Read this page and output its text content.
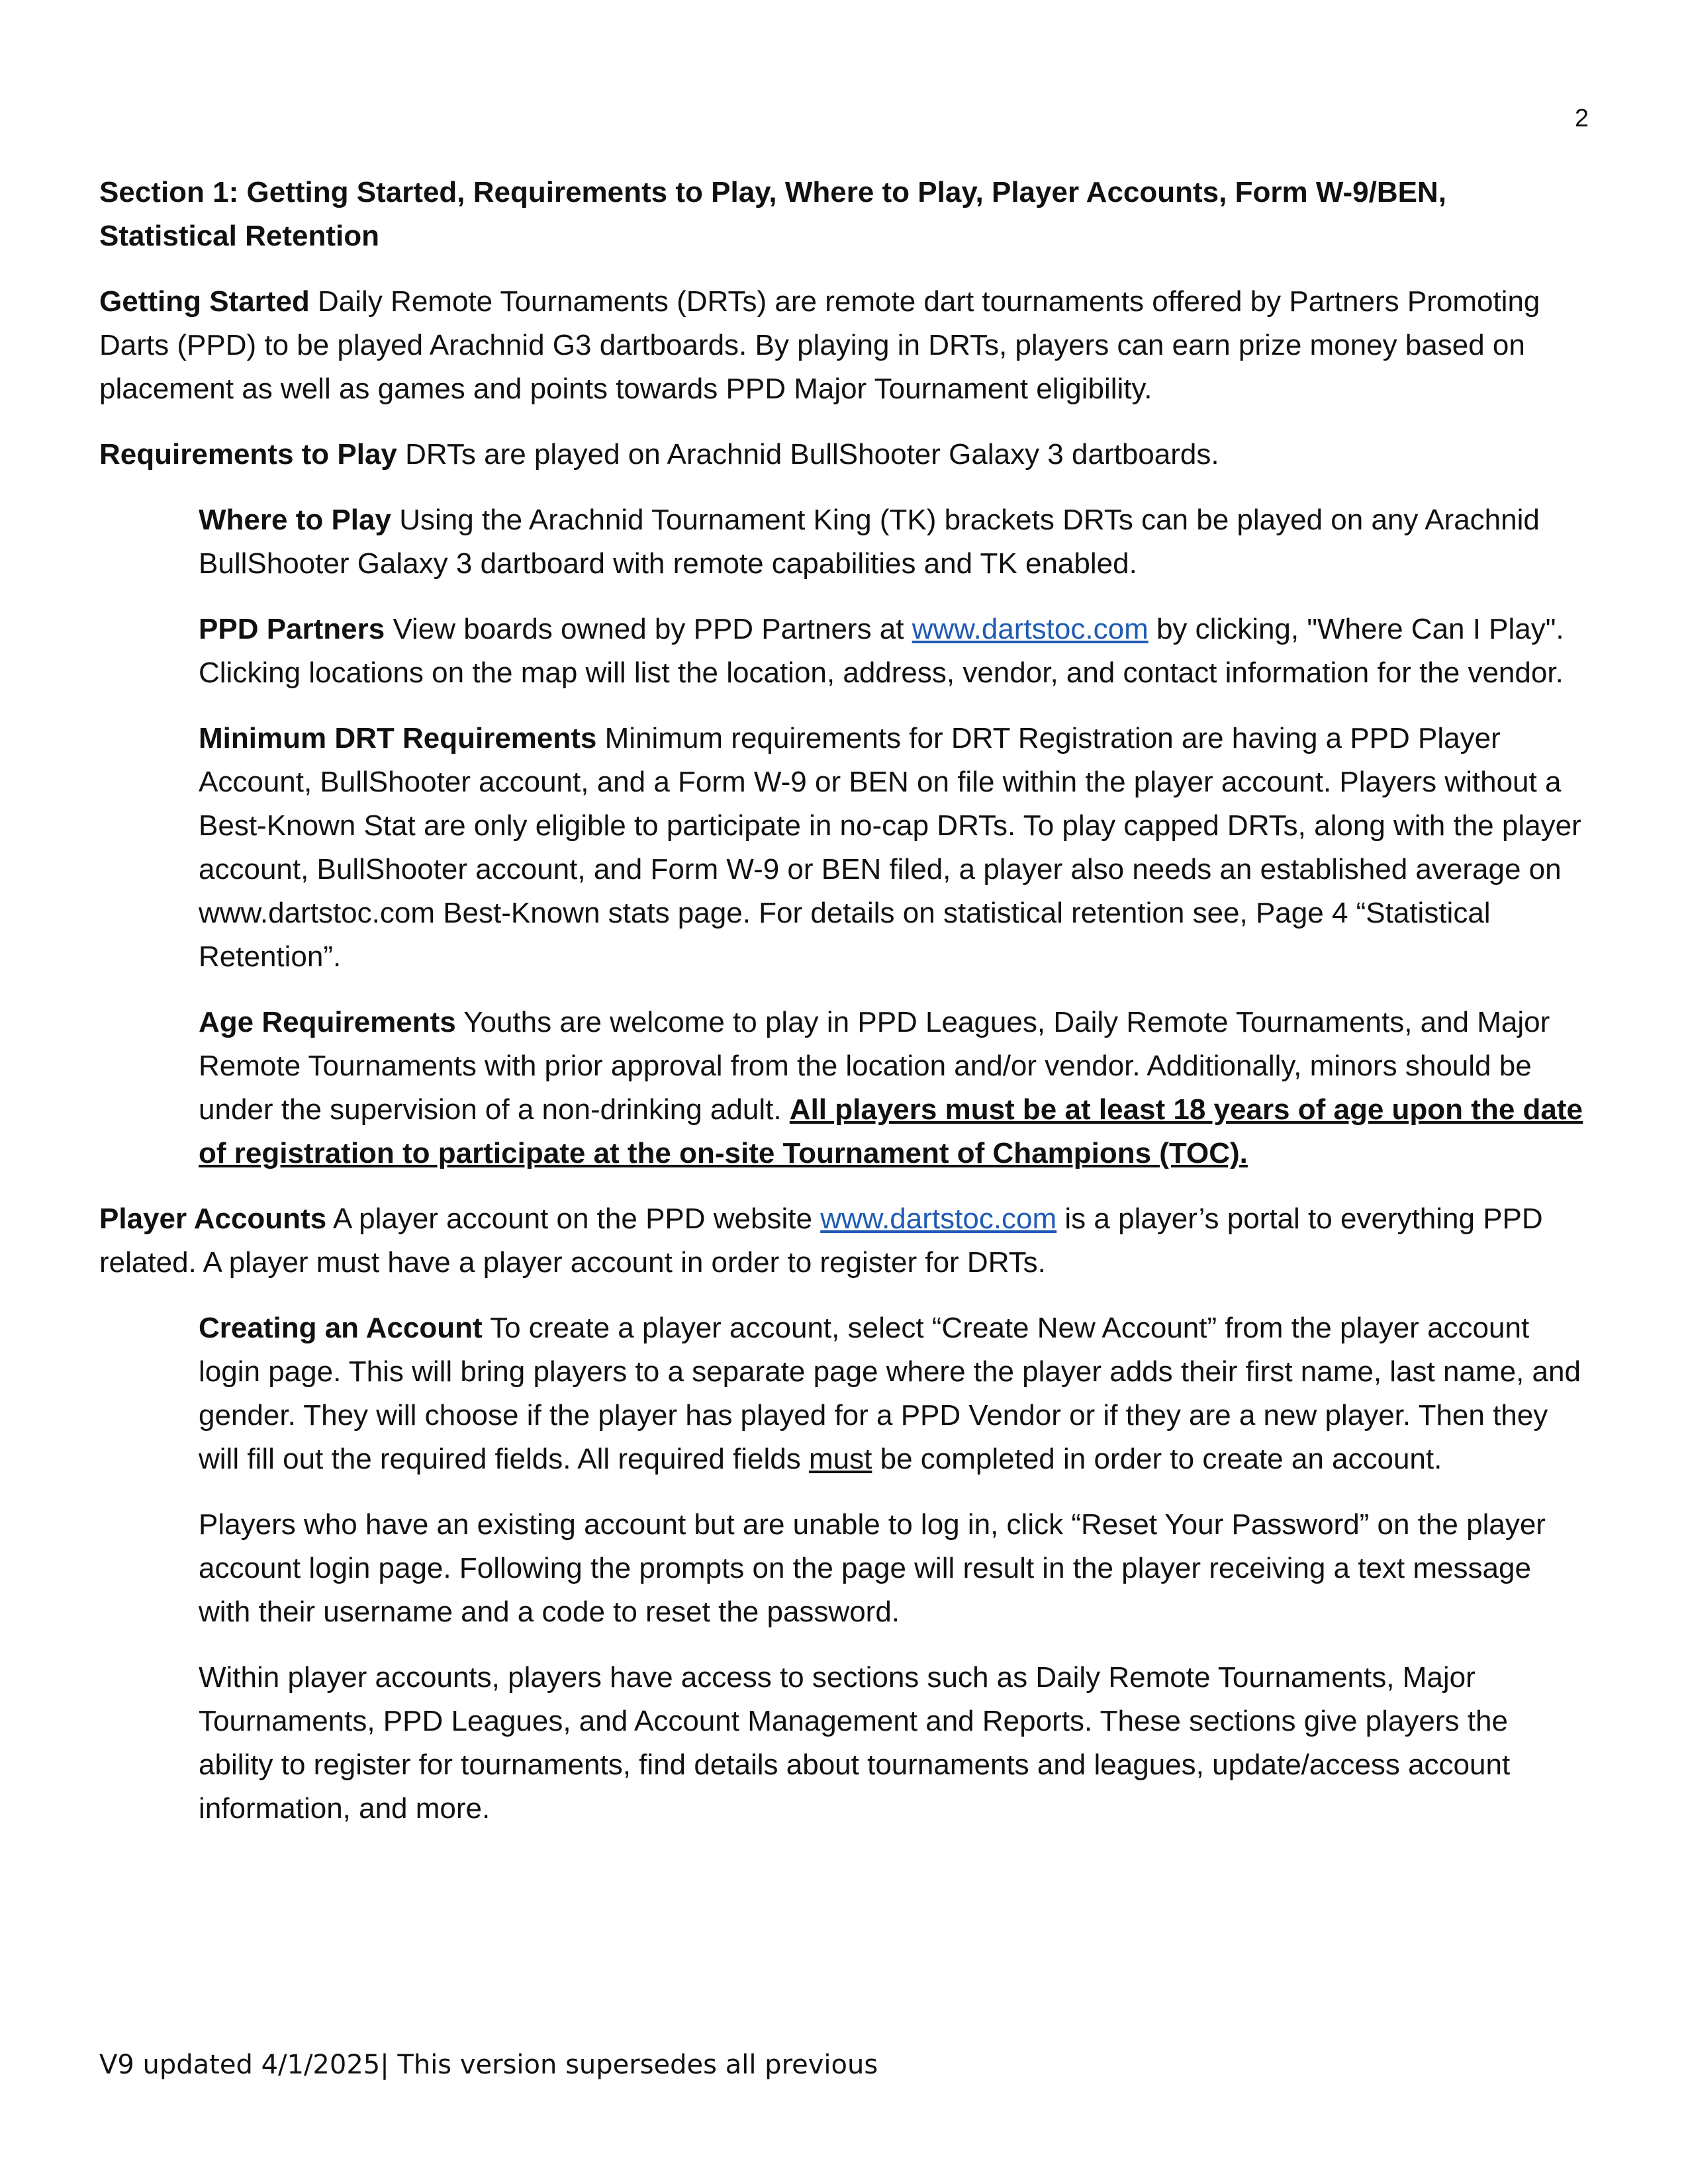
2

Section 1: Getting Started, Requirements to Play, Where to Play, Player Accounts, Form W-9/BEN, Statistical Retention

Getting Started Daily Remote Tournaments (DRTs) are remote dart tournaments offered by Partners Promoting Darts (PPD) to be played Arachnid G3 dartboards. By playing in DRTs, players can earn prize money based on placement as well as games and points towards PPD Major Tournament eligibility.

Requirements to Play DRTs are played on Arachnid BullShooter Galaxy 3 dartboards.

Where to Play Using the Arachnid Tournament King (TK) brackets DRTs can be played on any Arachnid BullShooter Galaxy 3 dartboard with remote capabilities and TK enabled.

PPD Partners View boards owned by PPD Partners at www.dartstoc.com by clicking, "Where Can I Play". Clicking locations on the map will list the location, address, vendor, and contact information for the vendor.

Minimum DRT Requirements Minimum requirements for DRT Registration are having a PPD Player Account, BullShooter account, and a Form W-9 or BEN on file within the player account. Players without a Best-Known Stat are only eligible to participate in no-cap DRTs. To play capped DRTs, along with the player account, BullShooter account, and Form W-9 or BEN filed, a player also needs an established average on www.dartstoc.com Best-Known stats page. For details on statistical retention see, Page 4 “Statistical Retention”.

Age Requirements Youths are welcome to play in PPD Leagues, Daily Remote Tournaments, and Major Remote Tournaments with prior approval from the location and/or vendor. Additionally, minors should be under the supervision of a non-drinking adult. All players must be at least 18 years of age upon the date of registration to participate at the on-site Tournament of Champions (TOC).

Player Accounts A player account on the PPD website www.dartstoc.com is a player’s portal to everything PPD related. A player must have a player account in order to register for DRTs.

Creating an Account To create a player account, select “Create New Account” from the player account login page. This will bring players to a separate page where the player adds their first name, last name, and gender. They will choose if the player has played for a PPD Vendor or if they are a new player. Then they will fill out the required fields. All required fields must be completed in order to create an account.

Players who have an existing account but are unable to log in, click “Reset Your Password” on the player account login page. Following the prompts on the page will result in the player receiving a text message with their username and a code to reset the password.

Within player accounts, players have access to sections such as Daily Remote Tournaments, Major Tournaments, PPD Leagues, and Account Management and Reports. These sections give players the ability to register for tournaments, find details about tournaments and leagues, update/access account information, and more.

V9 updated 4/1/2025| This version supersedes all previous
